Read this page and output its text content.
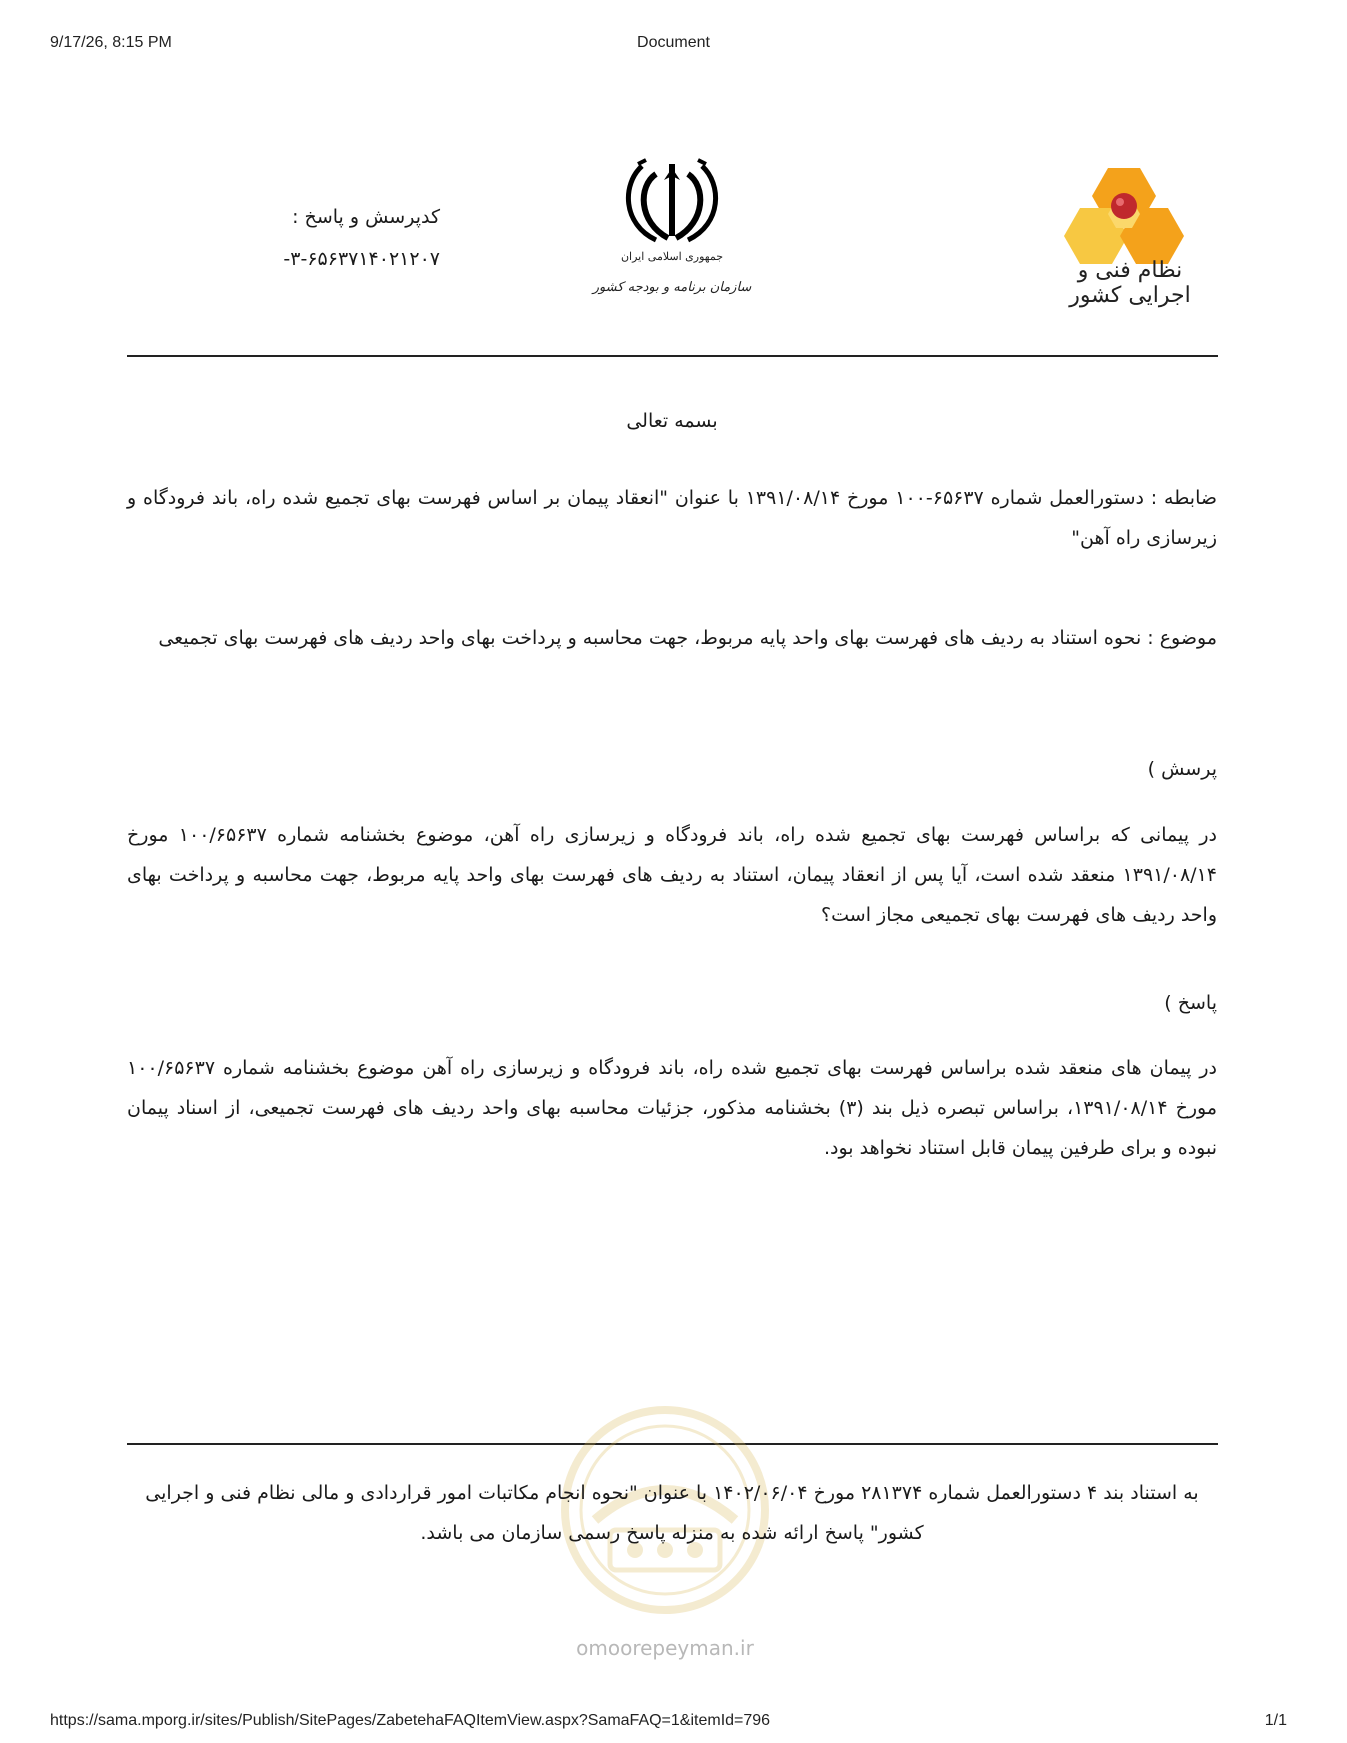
9/17/26, 8:15 PM	Document
نظام فنی و اجرایی کشور
جمهوری اسلامی ایران
سازمان برنامه و بودجه کشور
کدپرسش و پاسخ :
-۳-۶۵۶۳۷۱۴۰۲۱۲۰۷
بسمه تعالی
ضابطه : دستورالعمل شماره ۶۵۶۳۷-۱۰۰ مورخ ۱۳۹۱/۰۸/۱۴ با عنوان "انعقاد پیمان بر اساس فهرست بهای تجمیع شده راه، باند فرودگاه و زیرسازی راه آهن"
موضوع : نحوه استناد به ردیف های فهرست بهای واحد پایه مربوط، جهت محاسبه و پرداخت بهای واحد ردیف های فهرست بهای تجمیعی
پرسش )
در پیمانی که براساس فهرست بهای تجمیع شده راه، باند فرودگاه و زیرسازی راه آهن، موضوع بخشنامه شماره ۱۰۰/۶۵۶۳۷ مورخ ۱۳۹۱/۰۸/۱۴ منعقد شده است، آیا پس از انعقاد پیمان، استناد به ردیف های فهرست بهای واحد پایه مربوط، جهت محاسبه و پرداخت بهای واحد ردیف های فهرست بهای تجمیعی مجاز است؟
پاسخ )
در پیمان های منعقد شده براساس فهرست بهای تجمیع شده راه، باند فرودگاه و زیرسازی راه آهن موضوع بخشنامه شماره ۱۰۰/۶۵۶۳۷ مورخ ۱۳۹۱/۰۸/۱۴، براساس تبصره ذیل بند (۳) بخشنامه مذکور، جزئیات محاسبه بهای واحد ردیف های فهرست تجمیعی، از اسناد پیمان نبوده و برای طرفین پیمان قابل استناد نخواهد بود.
omoorepeyman.ir
به استناد بند ۴ دستورالعمل شماره ۲۸۱۳۷۴ مورخ ۱۴۰۲/۰۶/۰۴ با عنوان "نحوه انجام مکاتبات امور قراردادی و مالی نظام فنی و اجرایی کشور" پاسخ ارائه شده به منزله پاسخ رسمی سازمان می باشد.
https://sama.mporg.ir/sites/Publish/SitePages/ZabetehaFAQItemView.aspx?SamaFAQ=1&itemId=796	1/1
